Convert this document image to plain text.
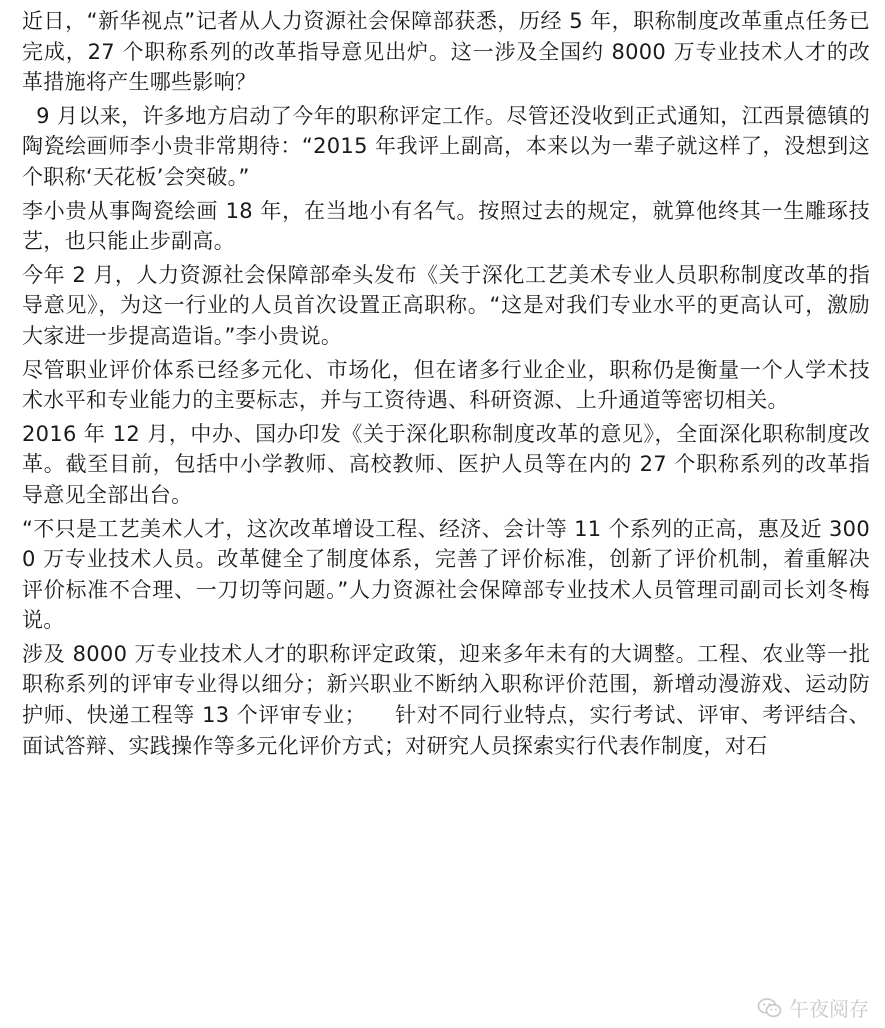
近日，“新华视点”记者从人力资源社会保障部获悉，历经 5 年，职称制度改革重点任务已完成，27 个职称系列的改革指导意见出炉。这一涉及全国约 8000 万专业技术人才的改革措施将产生哪些影响？

9 月以来，许多地方启动了今年的职称评定工作。尽管还没收到正式通知，江西景德镇的陶瓷绘画师李小贵非常期待：“2015 年我评上副高，本来以为一辈子就这样了，没想到这个职称‘天花板’会突破。”

李小贵从事陶瓷绘画 18 年，在当地小有名气。按照过去的规定，就算他终其一生雕琢技艺，也只能止步副高。

今年 2 月，人力资源社会保障部牵头发布《关于深化工艺美术专业人员职称制度改革的指导意见》，为这一行业的人员首次设置正高职称。“这是对我们专业水平的更高认可，激励大家进一步提高造诣。”李小贵说。

尽管职业评价体系已经多元化、市场化，但在诸多行业企业，职称仍是衡量一个人学术技术水平和专业能力的主要标志，并与工资待遇、科研资源、上升通道等密切相关。

2016 年 12 月，中办、国办印发《关于深化职称制度改革的意见》，全面深化职称制度改革。截至目前，包括中小学教师、高校教师、医护人员等在内的 27 个职称系列的改革指导意见全部出台。

“不只是工艺美术人才，这次改革增设工程、经济、会计等 11 个系列的正高，惠及近 3000 万专业技术人员。改革健全了制度体系，完善了评价标准，创新了评价机制，着重解决评价标准不合理、一刀切等问题。”人力资源社会保障部专业技术人员管理司副司长刘冬梅说。

涉及 8000 万专业技术人才的职称评定政策，迎来多年未有的大调整。工程、农业等一批职称系列的评审专业得以细分；新兴职业不断纳入职称评价范围，新增动漫游戏、运动防护师、快递工程等 13 个评审专业；    针对不同行业特点，实行考试、评审、考评结合、面试答辩、实践操作等多元化评价方式；对研究人员探索实行代表作制度，对石

午夜阅存
